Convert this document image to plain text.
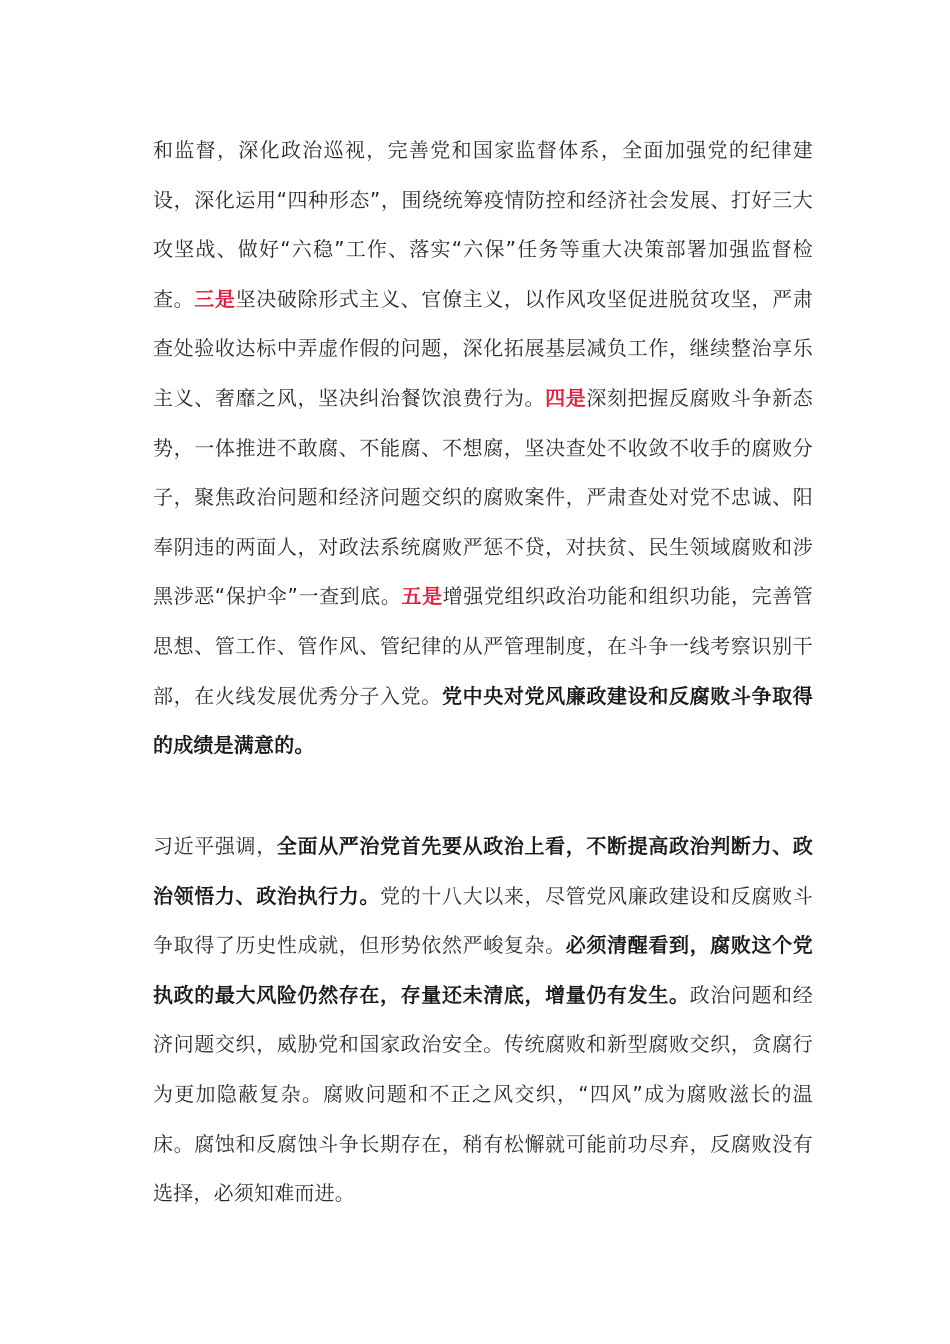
和监督，深化政治巡视，完善党和国家监督体系，全面加强党的纪律建设，深化运用“四种形态”，围绕统筹疫情防控和经济社会发展、打好三大攻坚战、做好“六稳”工作、落实“六保”任务等重大决策部署加强监督检查。三是坚决破除形式主义、官僚主义，以作风攻坚促进脱贫攻坚，严肃查处验收达标中弄虚作假的问题，深化拓展基层减负工作，继续整治享乐主义、奢靡之风，坚决纠治餐饮浪费行为。四是深刻把握反腐败斗争新态势，一体推进不敢腐、不能腐、不想腐，坚决查处不收敛不收手的腐败分子，聚焦政治问题和经济问题交织的腐败案件，严肃查处对党不忠诚、阳奉阴违的两面人，对政法系统腐败严惩不贷，对扶贫、民生领域腐败和涉黑涉恶“保护伞”一查到底。五是增强党组织政治功能和组织功能，完善管思想、管工作、管作风、管纪律的从严管理制度，在斗争一线考察识别干部，在火线发展优秀分子入党。党中央对党风廉政建设和反腐败斗争取得的成绩是满意的。

习近平强调，全面从严治党首先要从政治上看，不断提高政治判断力、政治领悟力、政治执行力。党的十八大以来，尽管党风廉政建设和反腐败斗争取得了历史性成就，但形势依然严峻复杂。必须清醒看到，腐败这个党执政的最大风险仍然存在，存量还未清底，增量仍有发生。政治问题和经济问题交织，威胁党和国家政治安全。传统腐败和新型腐败交织，贪腐行为更加隐蔽复杂。腐败问题和不正之风交织，“四风”成为腐败滋长的温床。腐蚀和反腐蚀斗争长期存在，稍有松懈就可能前功尽弃，反腐败没有选择，必须知难而进。
